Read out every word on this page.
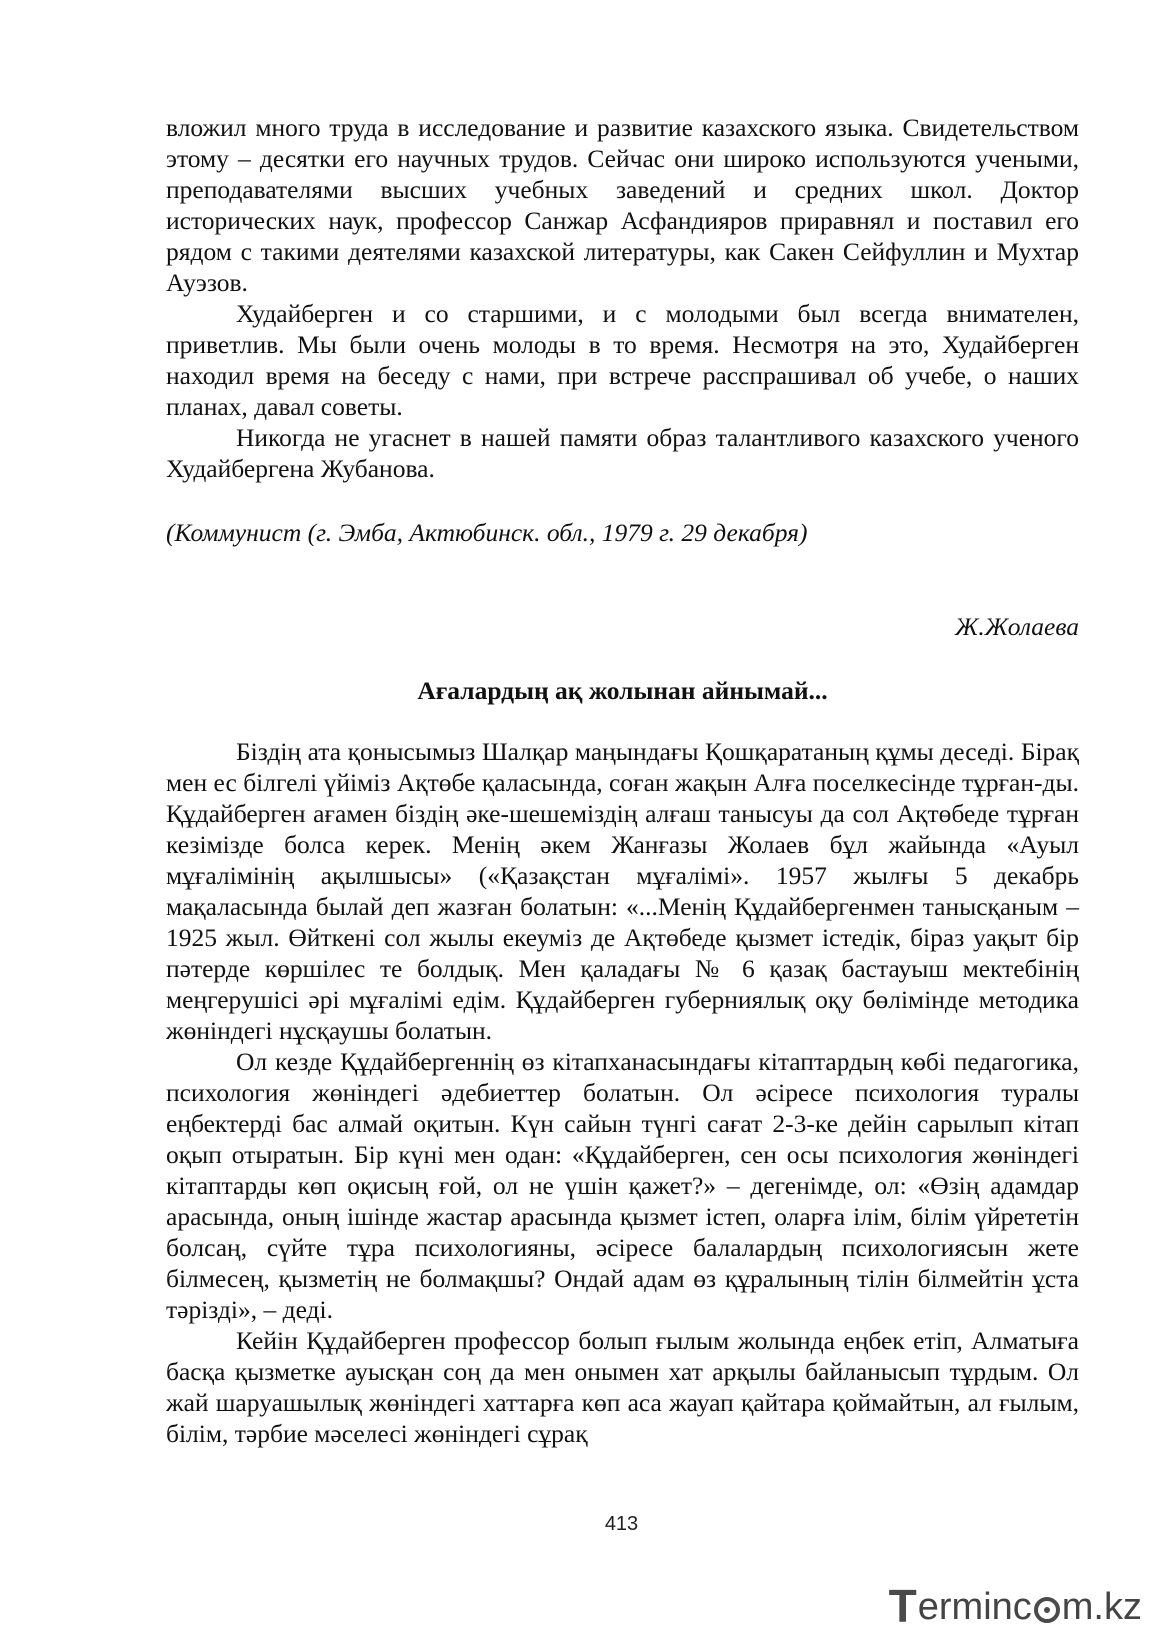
вложил много труда в исследование и развитие казахского языка. Свидетельством этому – десятки его научных трудов. Сейчас они широко используются учеными, преподавателями высших учебных заведений и средних школ. Доктор исторических наук, профессор Санжар Асфандияров приравнял и поставил его рядом с такими деятелями казахской литературы, как Сакен Сейфуллин и Мухтар Ауэзов.

Худайберген и со старшими, и с молодыми был всегда внимателен, приветлив. Мы были очень молоды в то время. Несмотря на это, Худайберген находил время на беседу с нами, при встрече расспрашивал об учебе, о наших планах, давал советы.

Никогда не угаснет в нашей памяти образ талантливого казахского ученого Худайбергена Жубанова.

(Коммунист (г. Эмба, Актюбинск. обл., 1979 г. 29 декабря)
Ж.Жолаева
Ағалардың ақ жолынан айнымай...

Біздің ата қонысымыз Шалқар маңындағы Қошқаратаның құмы деседі. Бірақ мен ес білгелі үйіміз Ақтөбе қаласында, соған жақын Алға поселкесінде тұрған-ды. Құдайберген ағамен біздің әке-шешеміздің алғаш танысуы да сол Ақтөбеде тұрған кезімізде болса керек. Менің әкем Жанғазы Жолаев бұл жайында «Ауыл мұғалімінің ақылшысы» («Қазақстан мұғалімі». 1957 жылғы 5 декабрь мақаласында былай деп жазған болатын: «...Менің Құдайбергенмен танысқаным – 1925 жыл. Өйткені сол жылы екеуміз де Ақтөбеде қызмет істедік, біраз уақыт бір пәтерде көршілес те болдық. Мен қаладағы № 6 қазақ бастауыш мектебінің меңгерушісі әрі мұғалімі едім. Құдайберген губерниялық оқу бөлімінде методика жөніндегі нұсқаушы болатын.

Ол кезде Құдайбергеннің өз кітапханасындағы кітаптардың көбі педагогика, психология жөніндегі әдебиеттер болатын. Ол әсіресе психология туралы еңбектерді бас алмай оқитын. Күн сайын түнгі сағат 2-3-ке дейін сарылып кітап оқып отыратын. Бір күні мен одан: «Құдайберген, сен осы психология жөніндегі кітаптарды көп оқисың ғой, ол не үшін қажет?» – дегенімде, ол: «Өзің адамдар арасында, оның ішінде жастар арасында қызмет істеп, оларға ілім, білім үйрететін болсаң, сүйте тұра психологияны, әсіресе балалардың психологиясын жете білмесең, қызметің не болмақшы? Ондай адам өз құралының тілін білмейтін ұста тәрізді», – деді.

Кейін Құдайберген профессор болып ғылым жолында еңбек етіп, Алматыға басқа қызметке ауысқан соң да мен онымен хат арқылы байланысып тұрдым. Ол жай шаруашылық жөніндегі хаттарға көп аса жауап қайтара қоймайтын, ал ғылым, білім, тәрбие мәселесі жөніндегі сұрақ

413
T ermin c m.kz
